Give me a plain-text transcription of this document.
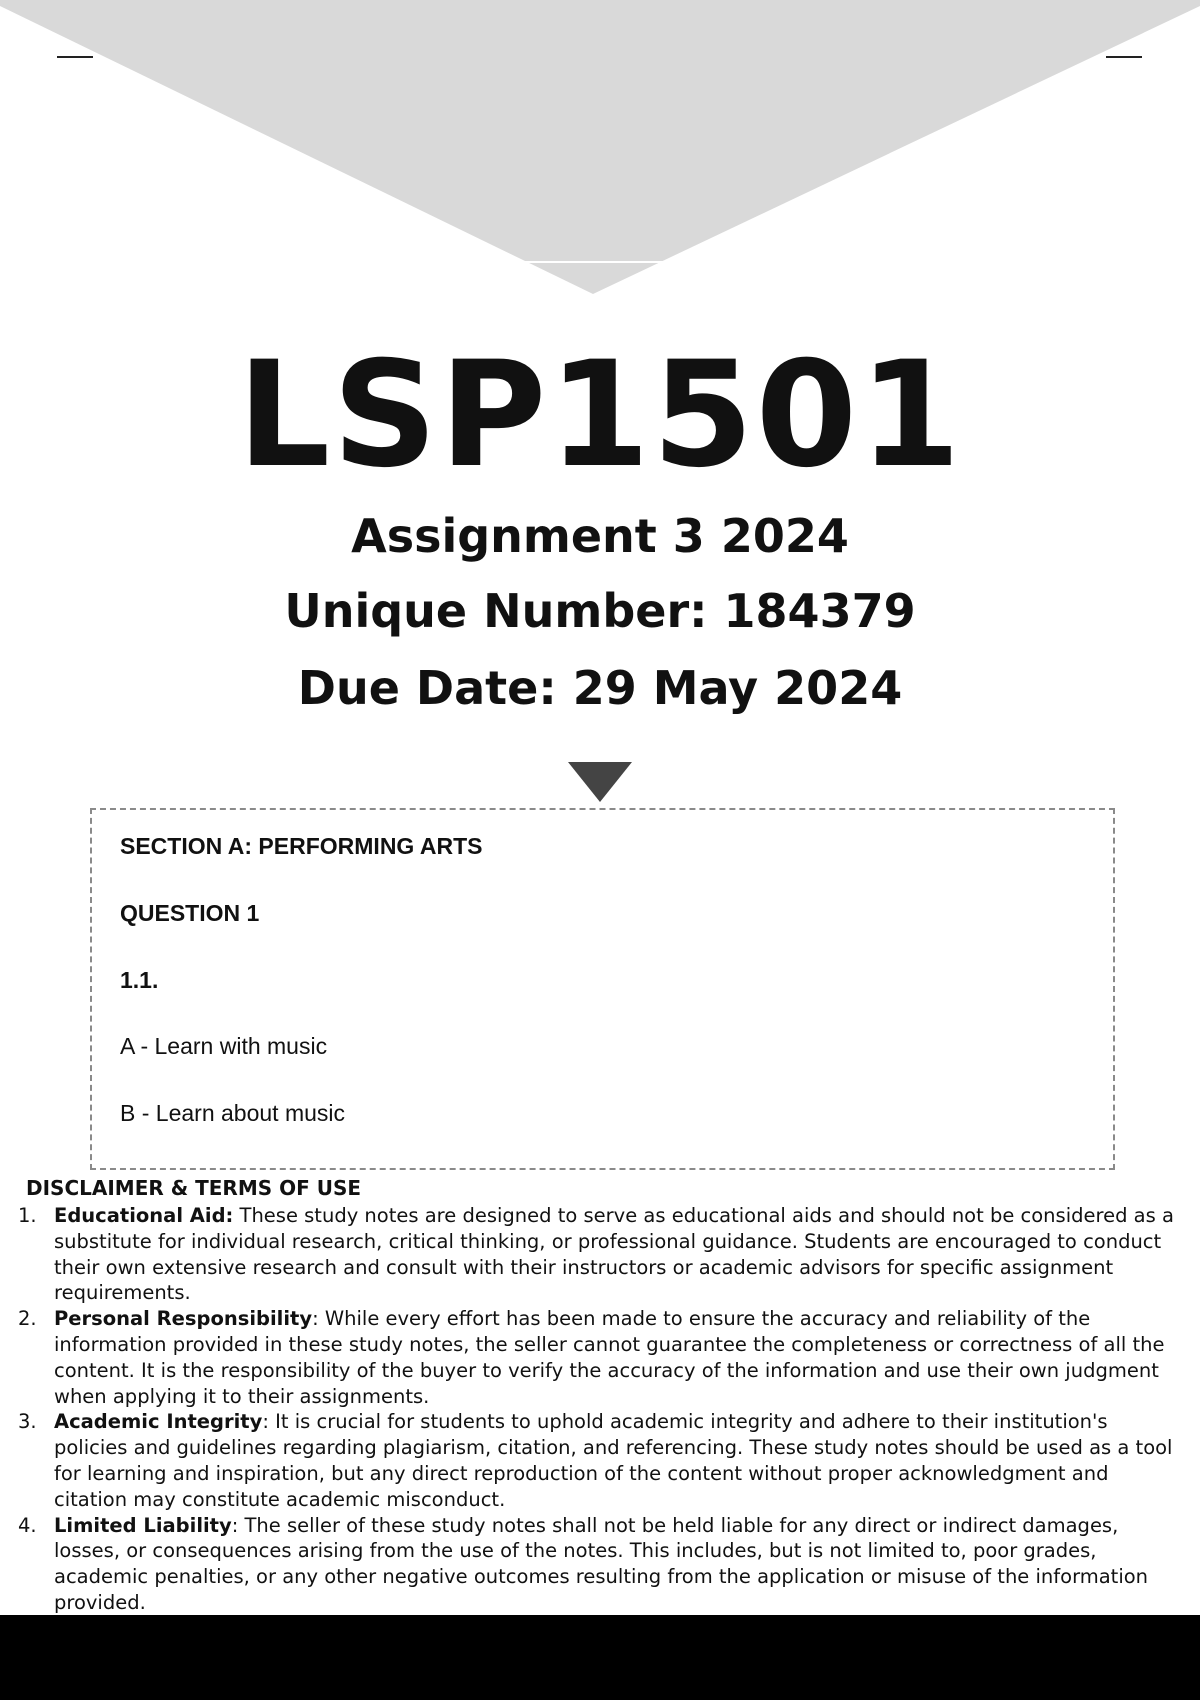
LSP1501
Assignment 3 2024
Unique Number: 184379
Due Date: 29 May 2024
SECTION A: PERFORMING ARTS
QUESTION 1
1.1.
A - Learn with music
B - Learn about music
DISCLAIMER & TERMS OF USE
1. Educational Aid: These study notes are designed to serve as educational aids and should not be considered as a substitute for individual research, critical thinking, or professional guidance. Students are encouraged to conduct their own extensive research and consult with their instructors or academic advisors for specific assignment requirements.
2. Personal Responsibility: While every effort has been made to ensure the accuracy and reliability of the information provided in these study notes, the seller cannot guarantee the completeness or correctness of all the content. It is the responsibility of the buyer to verify the accuracy of the information and use their own judgment when applying it to their assignments.
3. Academic Integrity: It is crucial for students to uphold academic integrity and adhere to their institution's policies and guidelines regarding plagiarism, citation, and referencing. These study notes should be used as a tool for learning and inspiration, but any direct reproduction of the content without proper acknowledgment and citation may constitute academic misconduct.
4. Limited Liability: The seller of these study notes shall not be held liable for any direct or indirect damages, losses, or consequences arising from the use of the notes. This includes, but is not limited to, poor grades, academic penalties, or any other negative outcomes resulting from the application or misuse of the information provided.
